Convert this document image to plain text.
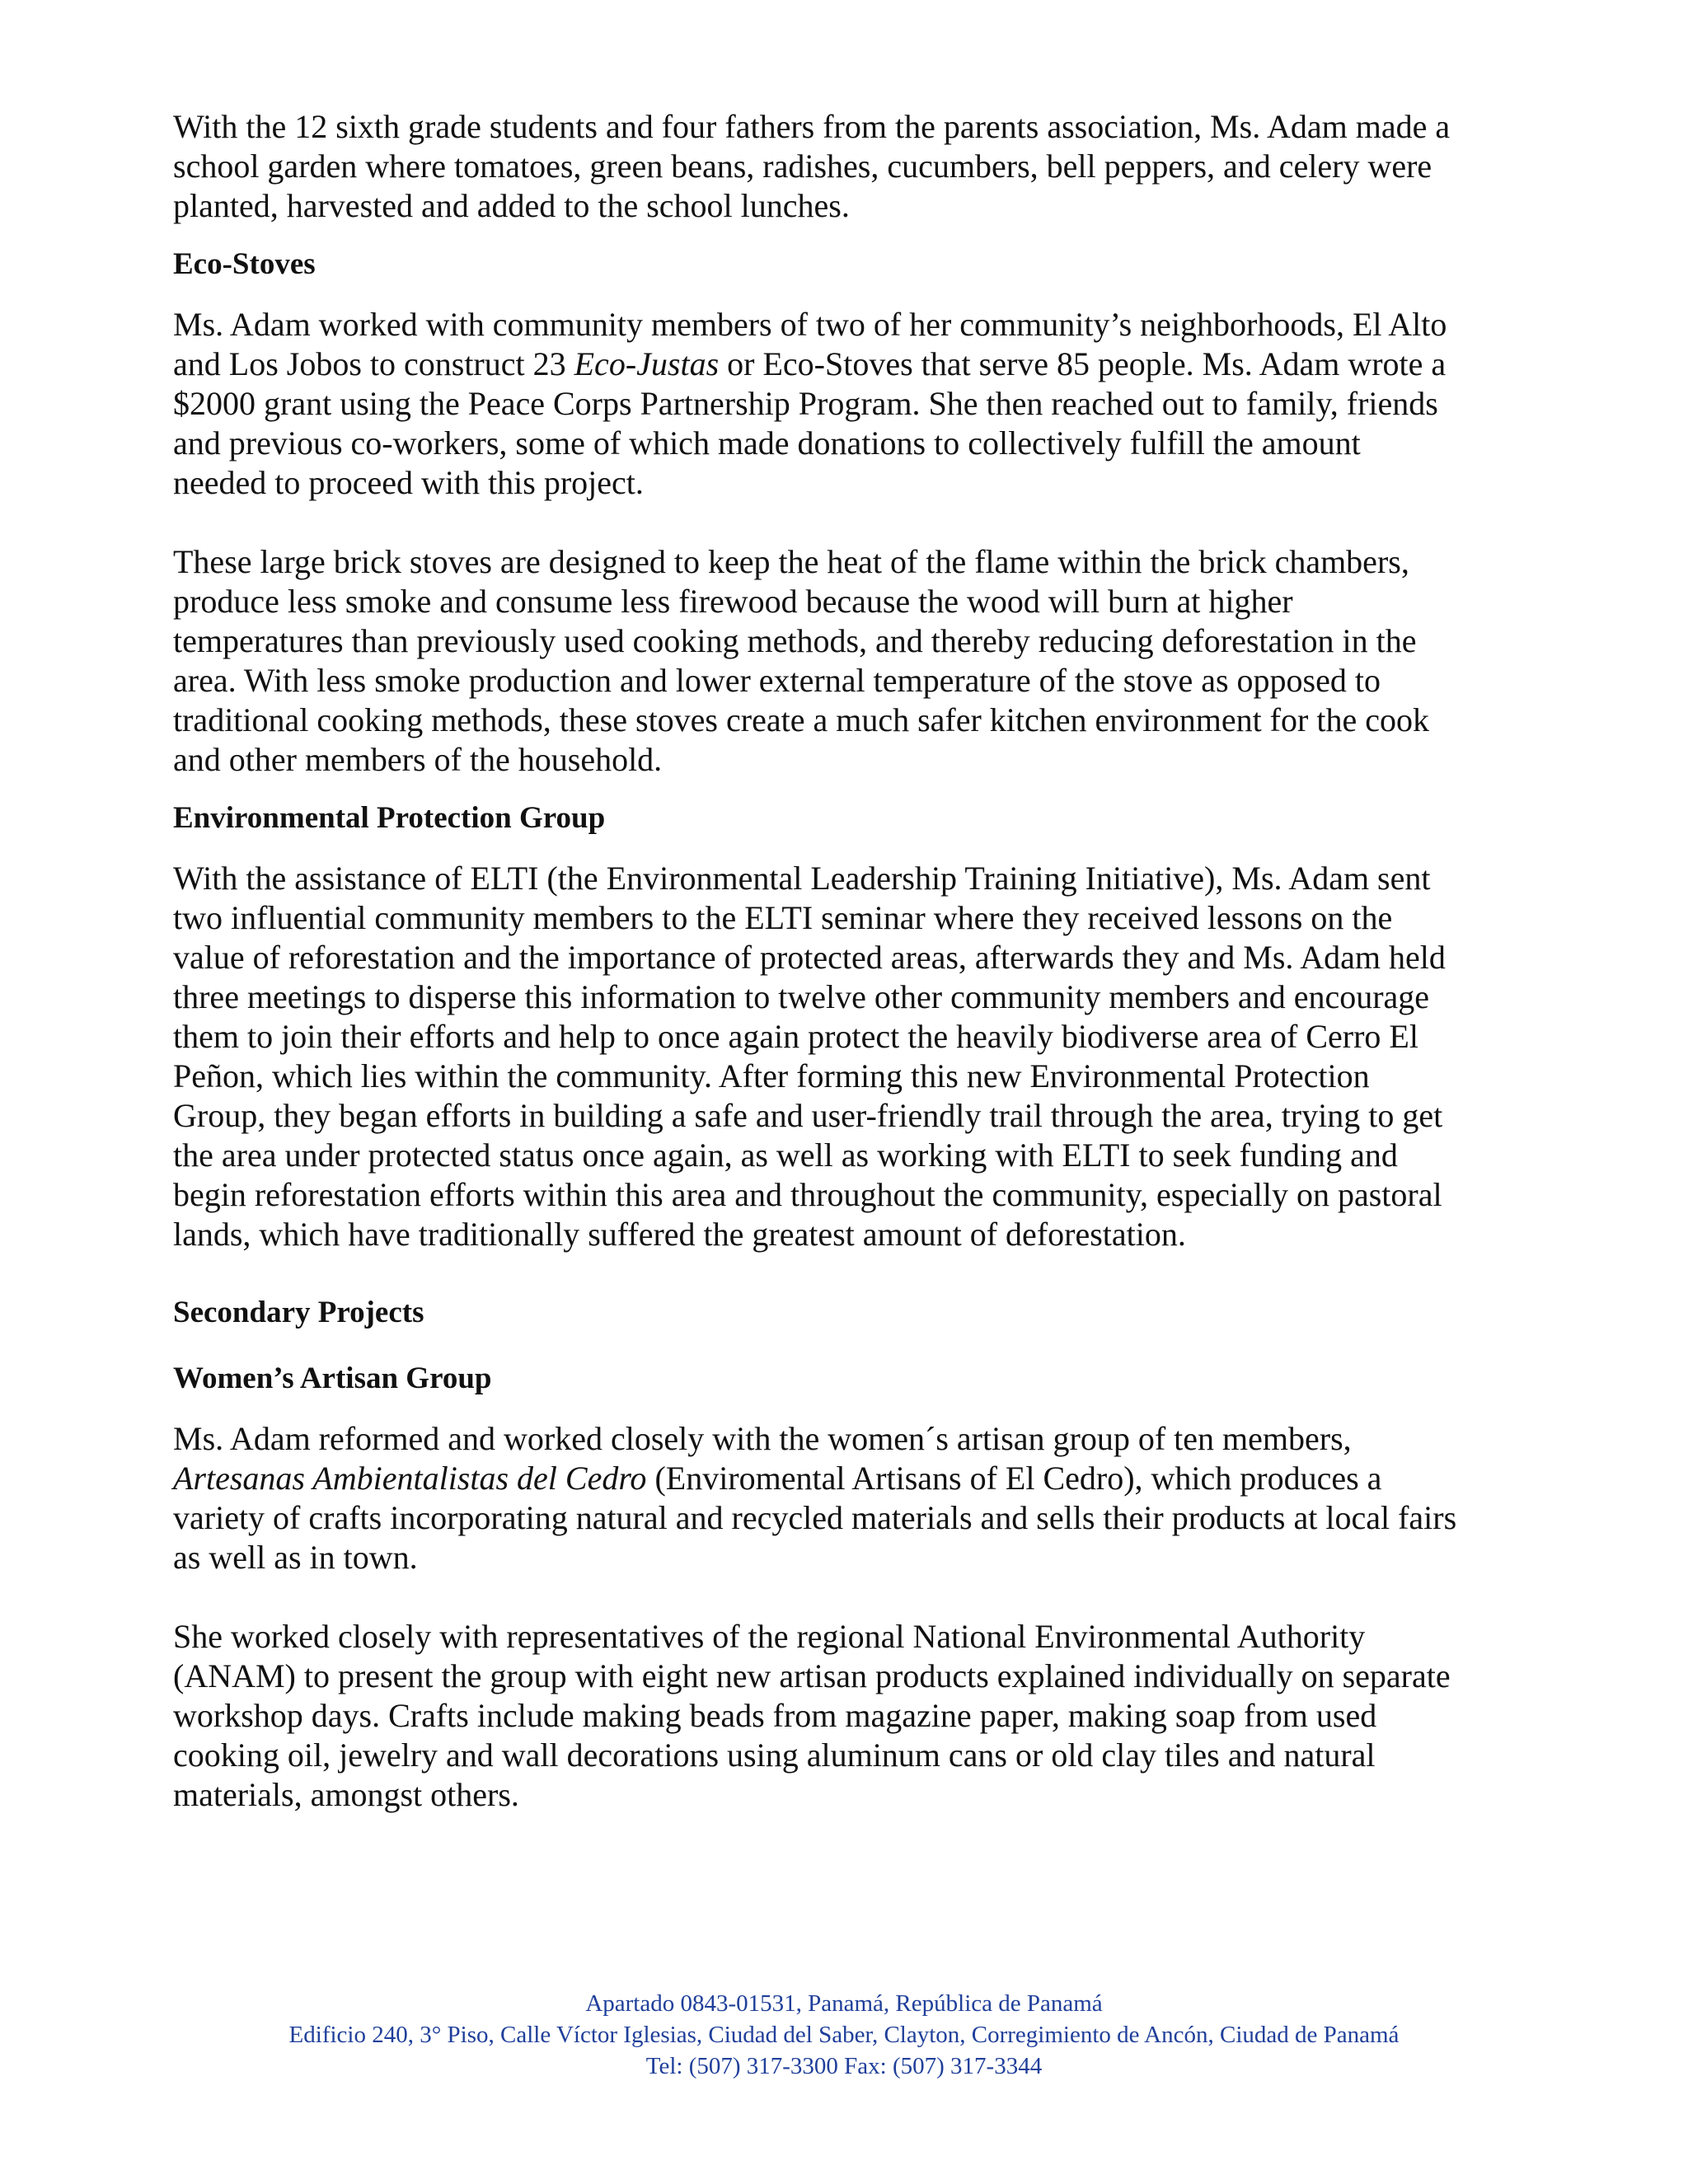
With the 12 sixth grade students and four fathers from the parents association, Ms. Adam made a school garden where tomatoes, green beans, radishes, cucumbers, bell peppers, and celery were planted, harvested and added to the school lunches.

Eco-Stoves

Ms. Adam worked with community members of two of her community’s neighborhoods, El Alto and Los Jobos to construct 23 Eco-Justas or Eco-Stoves that serve 85 people. Ms. Adam wrote a $2000 grant using the Peace Corps Partnership Program. She then reached out to family, friends and previous co-workers, some of which made donations to collectively fulfill the amount needed to proceed with this project.

These large brick stoves are designed to keep the heat of the flame within the brick chambers, produce less smoke and consume less firewood because the wood will burn at higher temperatures than previously used cooking methods, and thereby reducing deforestation in the area. With less smoke production and lower external temperature of the stove as opposed to traditional cooking methods, these stoves create a much safer kitchen environment for the cook and other members of the household.

Environmental Protection Group

With the assistance of ELTI (the Environmental Leadership Training Initiative), Ms. Adam sent two influential community members to the ELTI seminar where they received lessons on the value of reforestation and the importance of protected areas, afterwards they and Ms. Adam held three meetings to disperse this information to twelve other community members and encourage them to join their efforts and help to once again protect the heavily biodiverse area of Cerro El Peñon, which lies within the community. After forming this new Environmental Protection Group, they began efforts in building a safe and user-friendly trail through the area, trying to get the area under protected status once again, as well as working with ELTI to seek funding and begin reforestation efforts within this area and throughout the community, especially on pastoral lands, which have traditionally suffered the greatest amount of deforestation.

Secondary Projects

Women’s Artisan Group

Ms. Adam reformed and worked closely with the women´s artisan group of ten members, Artesanas Ambientalistas del Cedro (Enviromental Artisans of El Cedro), which produces a variety of crafts incorporating natural and recycled materials and sells their products at local fairs as well as in town.

She worked closely with representatives of the regional National Environmental Authority (ANAM) to present the group with eight new artisan products explained individually on separate workshop days. Crafts include making beads from magazine paper, making soap from used cooking oil, jewelry and wall decorations using aluminum cans or old clay tiles and natural materials, amongst others.

Apartado 0843-01531, Panamá, República de Panamá
Edificio 240, 3° Piso, Calle Víctor Iglesias, Ciudad del Saber, Clayton, Corregimiento de Ancón, Ciudad de Panamá
Tel: (507) 317-3300 Fax: (507) 317-3344
